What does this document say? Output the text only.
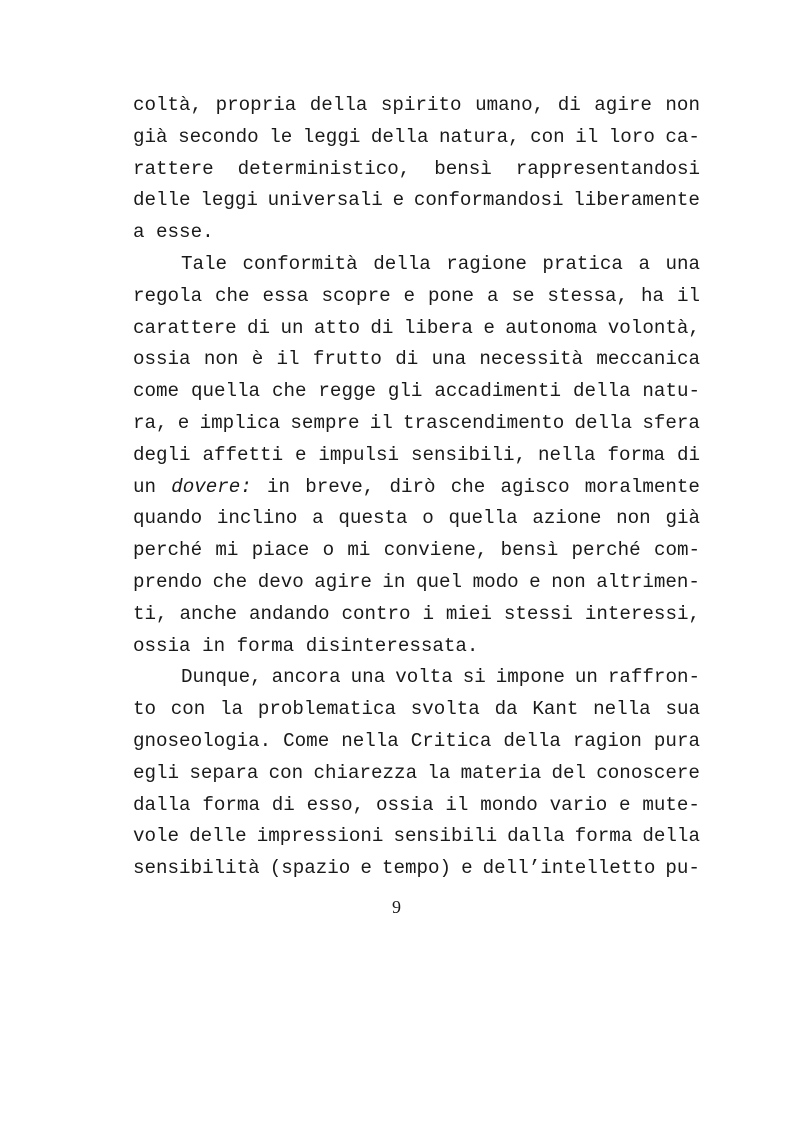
coltà, propria della spirito umano, di agire non
già secondo le leggi della natura, con il loro ca-
rattere deterministico, bensì rappresentandosi
delle leggi universali e conformandosi liberamente
a esse.
Tale conformità della ragione pratica a una
regola che essa scopre e pone a se stessa, ha il
carattere di un atto di libera e autonoma volontà,
ossia non è il frutto di una necessità meccanica
come quella che regge gli accadimenti della natu-
ra, e implica sempre il trascendimento della sfera
degli affetti e impulsi sensibili, nella forma di
un dovere: in breve, dirò che agisco moralmente
quando inclino a questa o quella azione non già
perché mi piace o mi conviene, bensì perché com-
prendo che devo agire in quel modo e non altrimen-
ti, anche andando contro i miei stessi interessi,
ossia in forma disinteressata.
Dunque, ancora una volta si impone un raffron-
to con la problematica svolta da Kant nella sua
gnoseologia. Come nella Critica della ragion pura
egli separa con chiarezza la materia del conoscere
dalla forma di esso, ossia il mondo vario e mute-
vole delle impressioni sensibili dalla forma della
sensibilità (spazio e tempo) e dell’intelletto pu-
9
